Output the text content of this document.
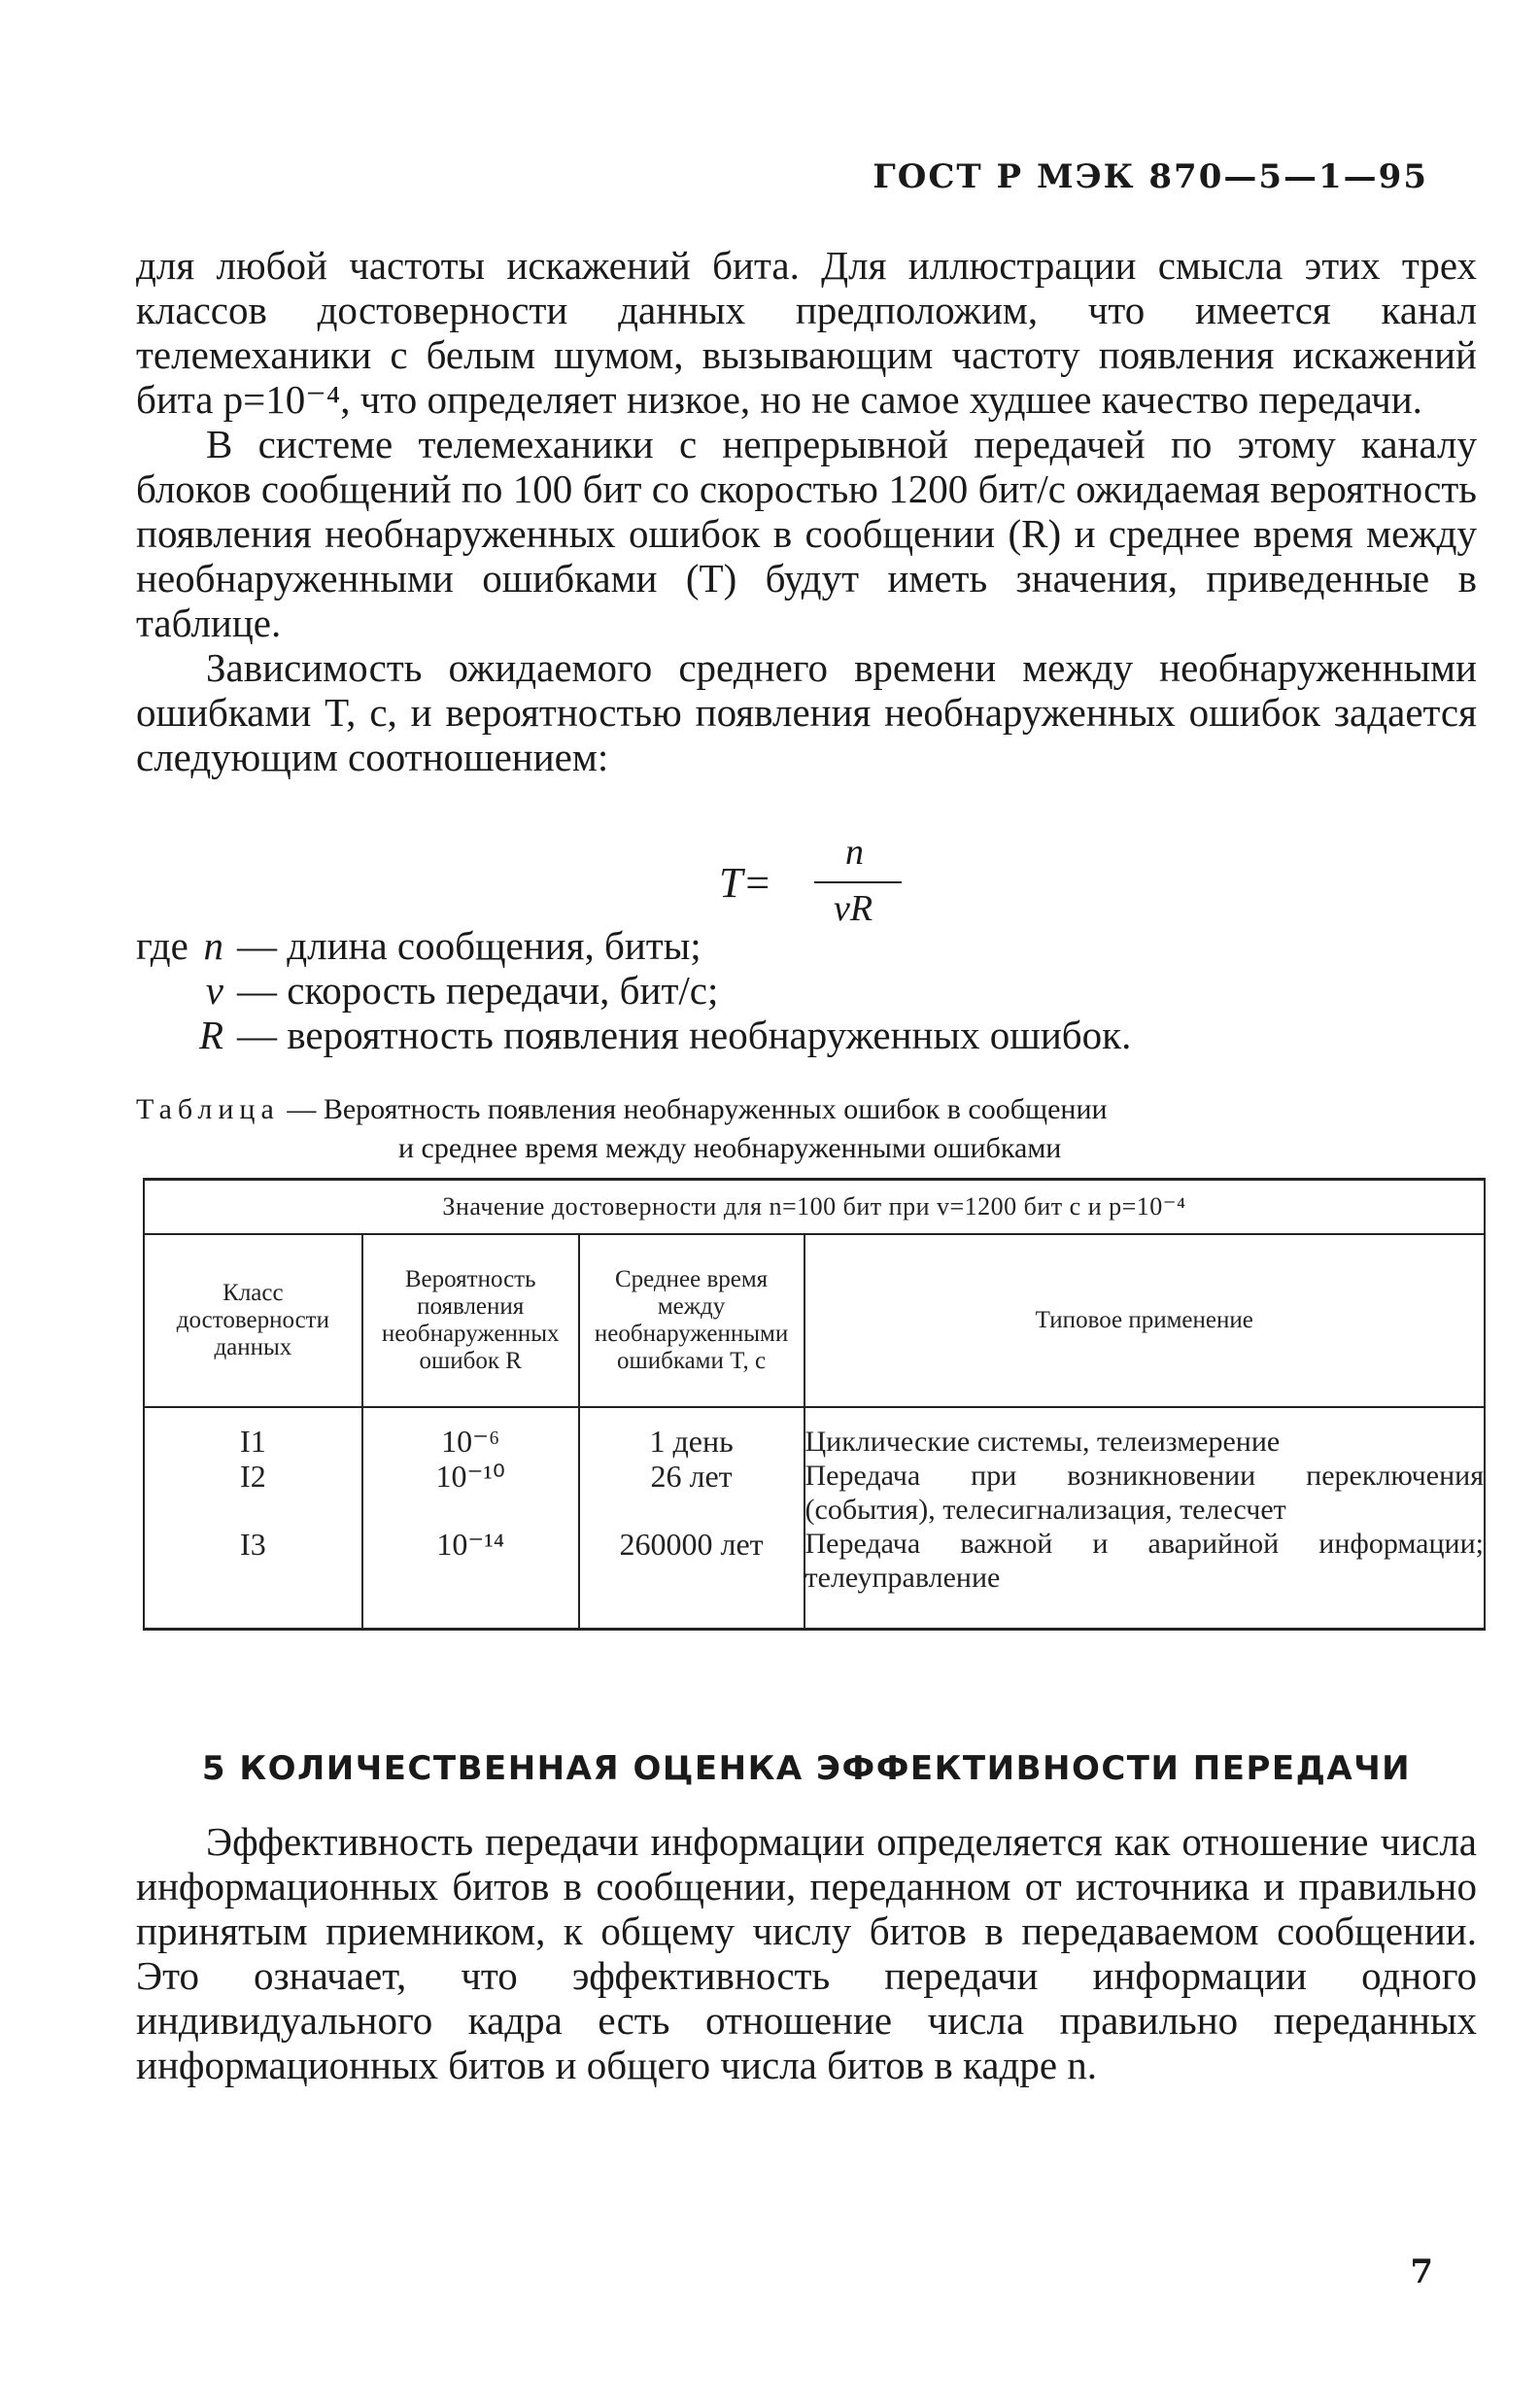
ГОСТ Р МЭК 870—5—1—95

для любой частоты искажений бита. Для иллюстрации смысла этих трех классов достоверности данных предположим, что имеется канал телемеханики с белым шумом, вызывающим частоту появления искажений бита p=10⁻⁴, что определяет низкое, но не самое худшее качество передачи.

В системе телемеханики с непрерывной передачей по этому каналу блоков сообщений по 100 бит со скоростью 1200 бит/с ожидаемая вероятность появления необнаруженных ошибок в сообщении (R) и среднее время между необнаруженными ошибками (T) будут иметь значения, приведенные в таблице.

Зависимость ожидаемого среднего времени между необнаруженными ошибками T, с, и вероятностью появления необнаруженных ошибок задается следующим соотношением:

T=
n
vR
где n — длина сообщения, биты;
v — скорость передачи, бит/с;
R — вероятность появления необнаруженных ошибок.
Таблица — Вероятность появления необнаруженных ошибок в сообщении
и среднее время между необнаруженными ошибками
Значение достоверности для n=100 бит при v=1200 бит с и p=10⁻⁴			
Класс достоверности данных	Вероятность появления необнаруженных ошибок R	Среднее время между необнаруженными ошибками T, с	Типовое применение
I1	10⁻⁶	1 день	Циклические системы, телеизмерение
I2	10⁻¹⁰	26 лет	Передача при возникновении переключения (события), телесигнализация, телесчет
I3	10⁻¹⁴	260000 лет	Передача важной и аварийной информации; телеуправление
5 КОЛИЧЕСТВЕННАЯ ОЦЕНКА ЭФФЕКТИВНОСТИ ПЕРЕДАЧИ

Эффективность передачи информации определяется как отношение числа информационных битов в сообщении, переданном от источника и правильно принятым приемником, к общему числу битов в передаваемом сообщении. Это означает, что эффективность передачи информации одного индивидуального кадра есть отношение числа правильно переданных информационных битов и общего числа битов в кадре n.

7
